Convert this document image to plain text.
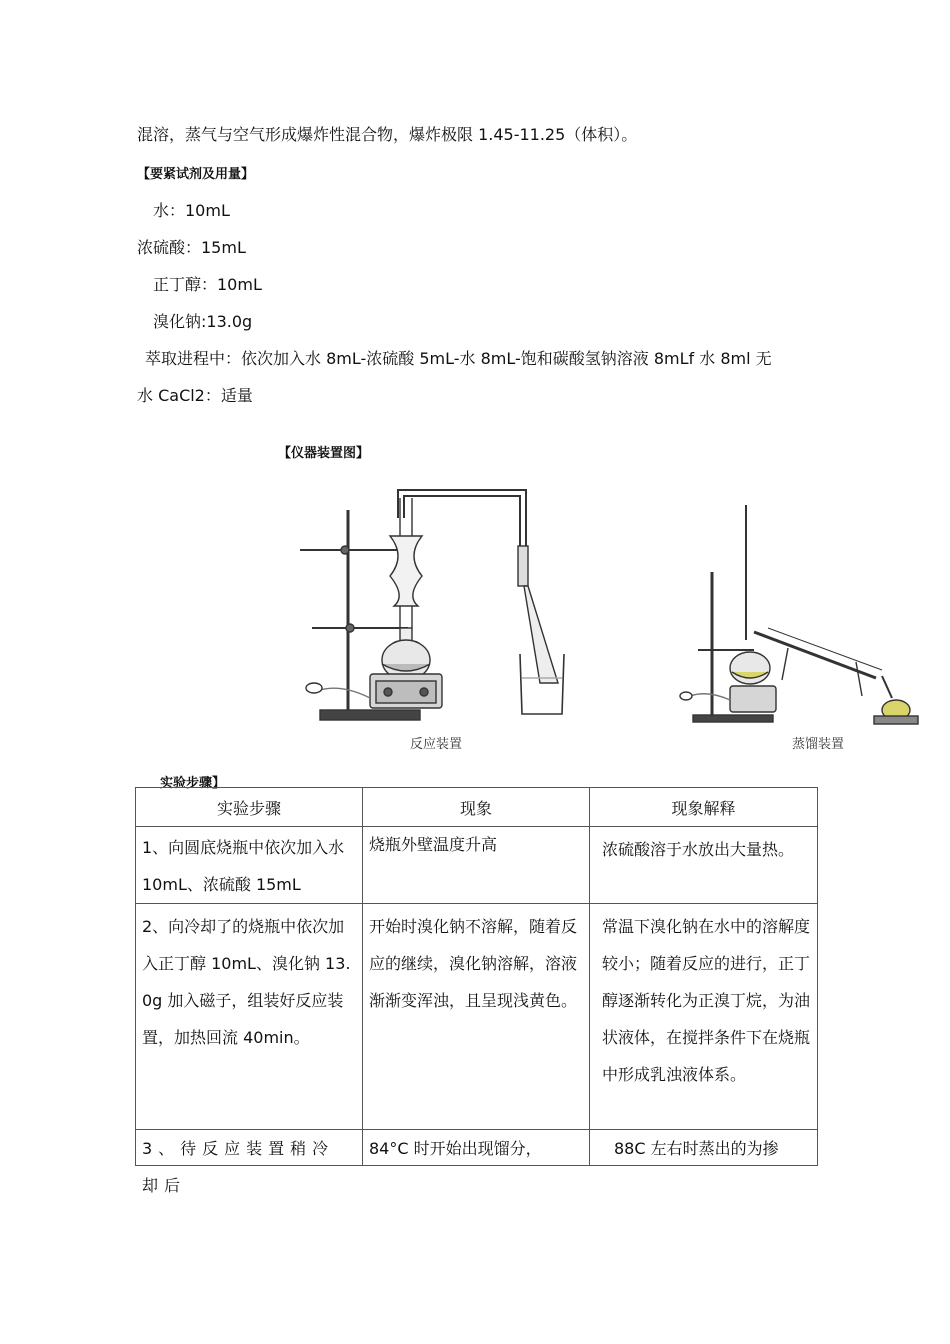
混溶，蒸气与空气形成爆炸性混合物，爆炸极限 1.45-11.25（体积）。
【要紧试剂及用量】
水：10mL
浓硫酸：15mL
正丁醇：10mL
溴化钠:13.0g
萃取进程中：依次加入水 8mL-浓硫酸 5mL-水 8mL-饱和碳酸氢钠溶液 8mLf 水 8ml 无
水 CaCl2：适量
【仪器装置图】
反应装置	蒸馏装置
实验步骤】
实验步骤	现象	现象解释

1、向圆底烧瓶中依次加入水 10mL、浓硫酸 15mL	烧瓶外壁温度升高	浓硫酸溶于水放出大量热。

2、向冷却了的烧瓶中依次加入正丁醇 10mL、溴化钠 13.0g 加入磁子，组装好反应装置，加热回流 40min。	开始时溴化钠不溶解，随着反应的继续，溴化钠溶解，溶液渐渐变浑浊，且呈现浅黄色。	常温下溴化钠在水中的溶解度较小；随着反应的进行，正丁醇逐渐转化为正溴丁烷，为油状液体，在搅拌条件下在烧瓶中形成乳浊液体系。

3、待反应装置稍冷却后	84°C 时开始出现馏分，	88C 左右时蒸出的为掺
